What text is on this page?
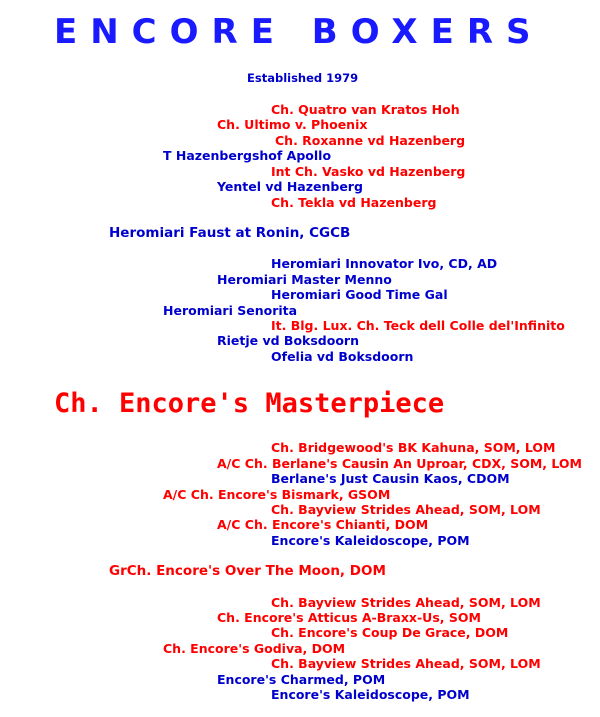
ENCORE BOXERS
Established 1979
Ch. Quatro van Kratos Hoh
Ch. Ultimo v. Phoenix
Ch. Roxanne vd Hazenberg
T Hazenbergshof Apollo
Int Ch. Vasko vd Hazenberg
Yentel vd Hazenberg
Ch. Tekla vd Hazenberg
Heromiari Faust at Ronin, CGCB
Heromiari Innovator Ivo, CD, AD
Heromiari Master Menno
Heromiari Good Time Gal
Heromiari Senorita
It. Blg. Lux. Ch. Teck dell Colle del'Infinito
Rietje vd Boksdoorn
Ofelia vd Boksdoorn
Ch. Encore's Masterpiece
Ch. Bridgewood's BK Kahuna, SOM, LOM
A/C Ch. Berlane's Causin An Uproar, CDX, SOM, LOM
Berlane's Just Causin Kaos, CDOM
A/C Ch. Encore's Bismark, GSOM
Ch. Bayview Strides Ahead, SOM, LOM
A/C Ch. Encore's Chianti, DOM
Encore's Kaleidoscope, POM
GrCh. Encore's Over The Moon, DOM
Ch. Bayview Strides Ahead, SOM, LOM
Ch. Encore's Atticus A-Braxx-Us, SOM
Ch. Encore's Coup De Grace, DOM
Ch. Encore's Godiva, DOM
Ch. Bayview Strides Ahead, SOM, LOM
Encore's Charmed, POM
Encore's Kaleidoscope, POM
